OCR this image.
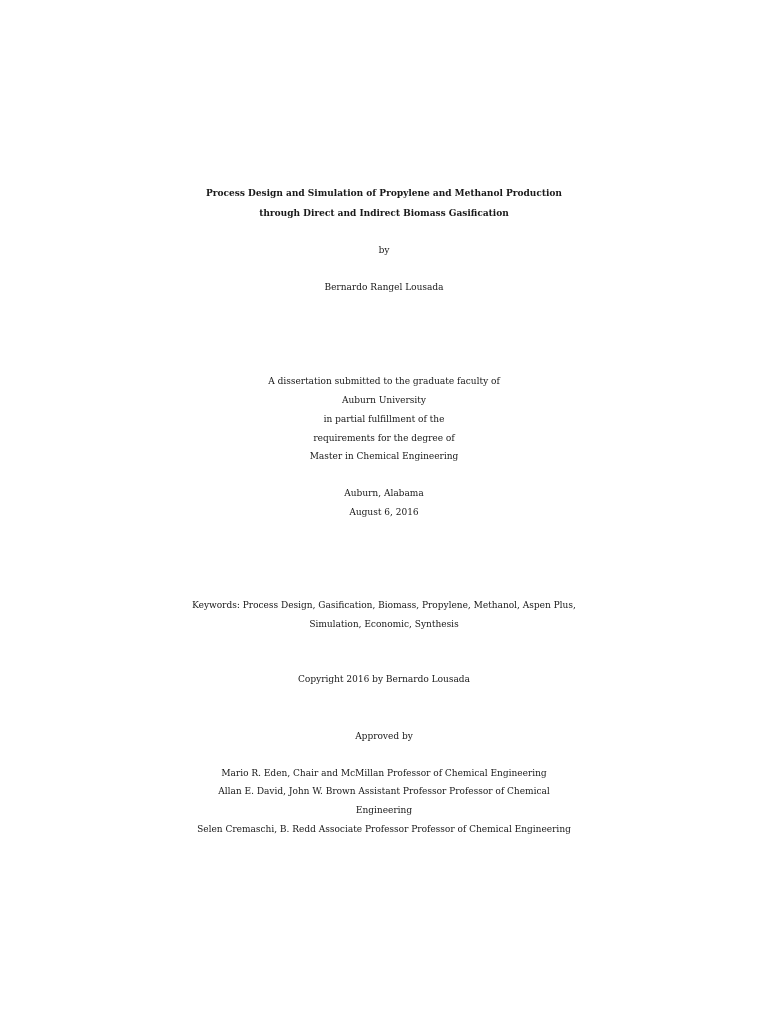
Process Design and Simulation of Propylene and Methanol Production
through Direct and Indirect Biomass Gasification
by
Bernardo Rangel Lousada
A dissertation submitted to the graduate faculty of
Auburn University
in partial fulfillment of the
requirements for the degree of
Master in Chemical Engineering
Auburn, Alabama
August 6, 2016
Keywords: Process Design, Gasification, Biomass, Propylene, Methanol, Aspen Plus,
Simulation, Economic, Synthesis
Copyright 2016 by Bernardo Lousada
Approved by
Mario R. Eden, Chair and McMillan Professor of Chemical Engineering
Allan E. David, John W. Brown Assistant Professor Professor of Chemical
Engineering
Selen Cremaschi, B. Redd Associate Professor Professor of Chemical Engineering
